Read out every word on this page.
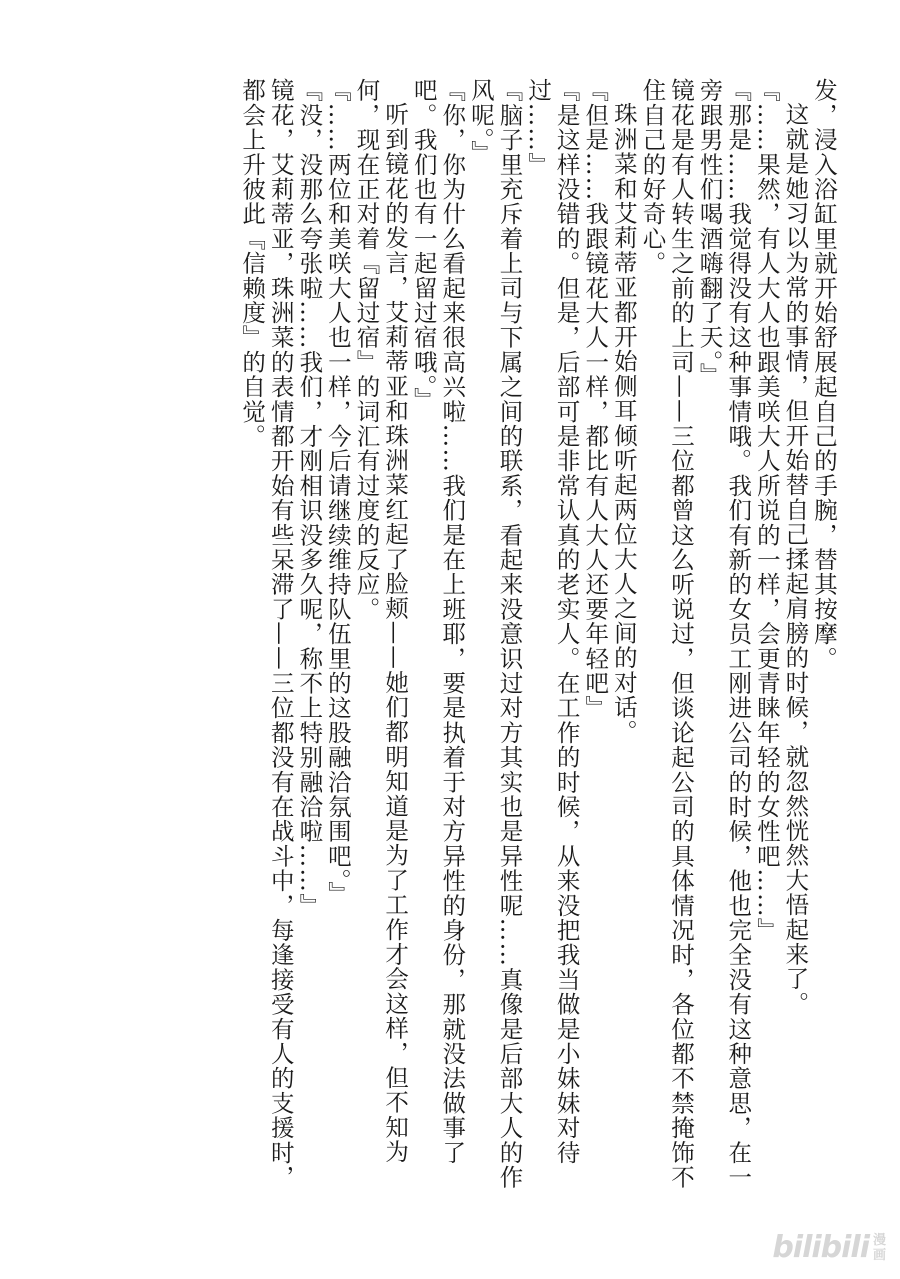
发，浸入浴缸里就开始舒展起自己的手腕，替其按摩。

这就是她习以为常的事情，但开始替自己揉起肩膀的时候，就忽然恍然大悟起来了。

『……果然，有人大人也跟美咲大人所说的一样，会更青睐年轻的女性吧……』

『那是……我觉得没有这种事情哦。我们有新的女员工刚进公司的时候，他也完全没有这种意思，在一旁跟男性们喝酒嗨翻了天。』

镜花是有人转生之前的上司——三位都曾这么听说过，但谈论起公司的具体情况时，各位都不禁掩饰不住自己的好奇心。

珠洲菜和艾莉蒂亚都开始侧耳倾听起两位大人之间的对话。

『但是……我跟镜花大人一样，都比有人大人还要年轻吧』

『是这样没错的。但是，后部可是非常认真的老实人。在工作的时候，从来没把我当做是小妹妹对待过……』

『脑子里充斥着上司与下属之间的联系，看起来没意识过对方其实也是异性呢……真像是后部大人的作风呢。』

『你，你为什么看起来很高兴啦……我们是在上班耶，要是执着于对方异性的身份，那就没法做事了吧。我们也有一起留过宿哦。』

听到镜花的发言，艾莉蒂亚和珠洲菜红起了脸颊——她们都明知道是为了工作才会这样，但不知为何，现在正对着『留过宿』的词汇有过度的反应。

『……两位和美咲大人也一样，今后请继续维持队伍里的这股融洽氛围吧。』

『没，没那么夸张啦……我们，才刚相识没多久呢，称不上特别融洽啦……』

镜花，艾莉蒂亚，珠洲菜的表情都开始有些呆滞了——三位都没有在战斗中，每逢接受有人的支援时，都会上升彼此『信赖度』的自觉。

bilibili 漫
画
